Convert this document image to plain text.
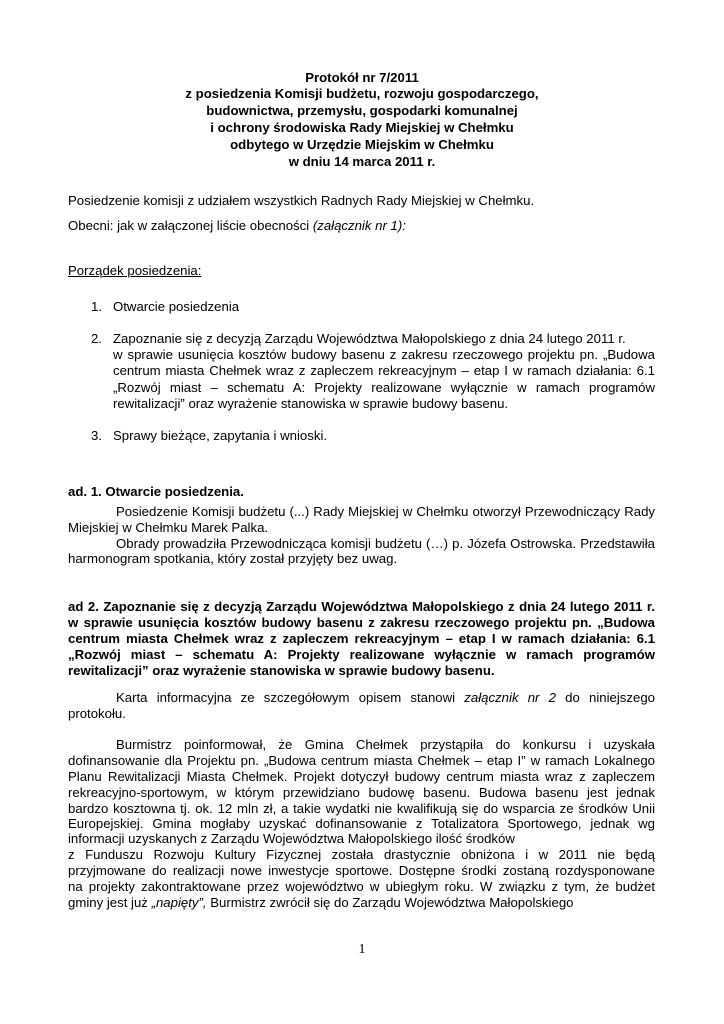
Protokół nr 7/2011
z posiedzenia Komisji budżetu, rozwoju gospodarczego,
budownictwa, przemysłu, gospodarki komunalnej
i ochrony środowiska Rady Miejskiej w Chełmku
odbytego w Urzędzie Miejskim w Chełmku
w dniu 14 marca 2011 r.
Posiedzenie komisji z udziałem wszystkich Radnych Rady Miejskiej w Chełmku.
Obecni: jak w załączonej liście obecności (załącznik nr 1):
Porządek posiedzenia:
1. Otwarcie posiedzenia
2. Zapoznanie się z decyzją Zarządu Województwa Małopolskiego z dnia 24 lutego 2011 r.
w sprawie usunięcia kosztów budowy basenu z zakresu rzeczowego projektu pn. „Budowa
centrum miasta Chełmek wraz z zapleczem rekreacyjnym – etap I w ramach działania: 6.1
„Rozwój miast – schematu A: Projekty realizowane wyłącznie w ramach programów
rewitalizacji” oraz wyrażenie stanowiska w sprawie budowy basenu.
3. Sprawy bieżące, zapytania i wnioski.
ad. 1. Otwarcie posiedzenia.
Posiedzenie Komisji budżetu (...) Rady Miejskiej w Chełmku otworzył Przewodniczący Rady
Miejskiej w Chełmku Marek Palka.
Obrady prowadziła Przewodnicząca komisji budżetu (…) p. Józefa Ostrowska. Przedstawiła
harmonogram spotkania, który został przyjęty bez uwag.
ad 2. Zapoznanie się z decyzją Zarządu Województwa Małopolskiego z dnia 24 lutego 2011 r.
w sprawie usunięcia kosztów budowy basenu z zakresu rzeczowego projektu pn. „Budowa
centrum miasta Chełmek wraz z zapleczem rekreacyjnym – etap I w ramach działania: 6.1
„Rozwój miast – schematu A: Projekty realizowane wyłącznie w ramach programów
rewitalizacji” oraz wyrażenie stanowiska w sprawie budowy basenu.
Karta informacyjna ze szczegółowym opisem stanowi załącznik nr 2 do niniejszego
protokołu.
Burmistrz poinformował, że Gmina Chełmek przystąpiła do konkursu i uzyskała
dofinansowanie dla Projektu pn. „Budowa centrum miasta Chełmek – etap I” w ramach Lokalnego
Planu Rewitalizacji Miasta Chełmek. Projekt dotyczył budowy centrum miasta wraz z zapleczem
rekreacyjno-sportowym, w którym przewidziano budowę basenu. Budowa basenu jest jednak
bardzo kosztowna tj. ok. 12 mln zł, a takie wydatki nie kwalifikują się do wsparcia ze środków Unii
Europejskiej. Gmina mogłaby uzyskać dofinansowanie z Totalizatora Sportowego, jednak wg
informacji uzyskanych z Zarządu Województwa Małopolskiego ilość środków
z Funduszu Rozwoju Kultury Fizycznej została drastycznie obniżona i w 2011 nie będą
przyjmowane do realizacji nowe inwestycje sportowe. Dostępne środki zostaną rozdysponowane
na projekty zakontraktowane przez województwo w ubiegłym roku. W związku z tym, że budżet
gminy jest już „napięty”, Burmistrz zwrócił się do Zarządu Województwa Małopolskiego
1
